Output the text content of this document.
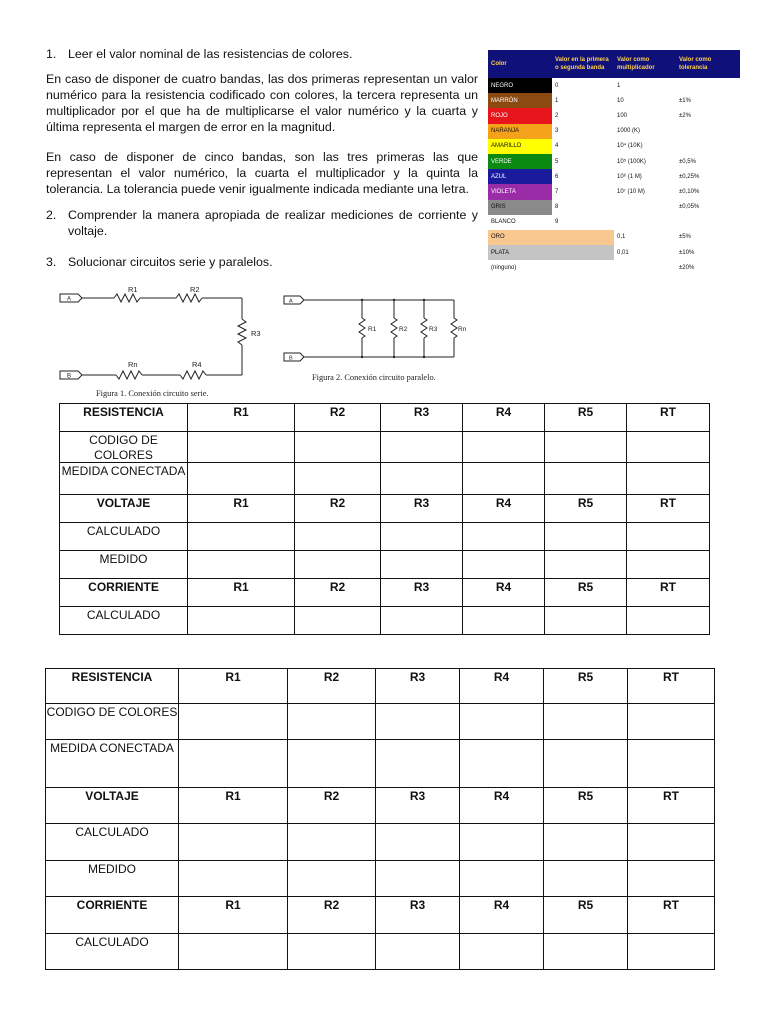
1. Leer el valor nominal de las resistencias de colores.
En caso de disponer de cuatro bandas, las dos primeras representan un valor numérico para la resistencia codificado con colores, la tercera representa un multiplicador por el que ha de multiplicarse el valor numérico y la cuarta y última representa el margen de error en la magnitud.
En caso de disponer de cinco bandas, son las tres primeras las que representan el valor numérico, la cuarta el multiplicador y la quinta la tolerancia. La tolerancia puede venir igualmente indicada mediante una letra.
2. Comprender la manera apropiada de realizar mediciones de corriente y voltaje.
3. Solucionar circuitos serie y paralelos.
Color	Valor en la primera o segunda banda	Valor como multiplicador	Valor como tolerancia
NEGRO	0	1	
MARRÓN	1	10	±1%
ROJO	2	100	±2%
NARANJA	3	1000 (K)	
AMARILLO	4	10⁴ (10K)	
VERDE	5	10⁵ (100K)	±0,5%
AZUL	6	10⁶ (1 M)	±0,25%
VIOLETA	7	10⁷ (10 M)	±0,10%
GRIS	8		±0,05%
BLANCO	9		
ORO		0,1	±5%
PLATA		0,01	±10%
(ninguno)			±20%
A
B
R1	R2
R3
Rn	R4
Figura 1. Conexión circuito serie.
A
B
R1	R2	R3	Rn
Figura 2. Conexión circuito paralelo.
RESISTENCIA	R1	R2	R3	R4	R5	RT

CODIGO DE COLORES						

MEDIDA CONECTADA						

VOLTAJE	R1	R2	R3	R4	R5	RT

CALCULADO						

MEDIDO						

CORRIENTE	R1	R2	R3	R4	R5	RT

CALCULADO						

RESISTENCIA	R1	R2	R3	R4	R5	RT

CODIGO DE COLORES						

MEDIDA CONECTADA						

VOLTAJE	R1	R2	R3	R4	R5	RT

CALCULADO						

MEDIDO						

CORRIENTE	R1	R2	R3	R4	R5	RT

CALCULADO						
